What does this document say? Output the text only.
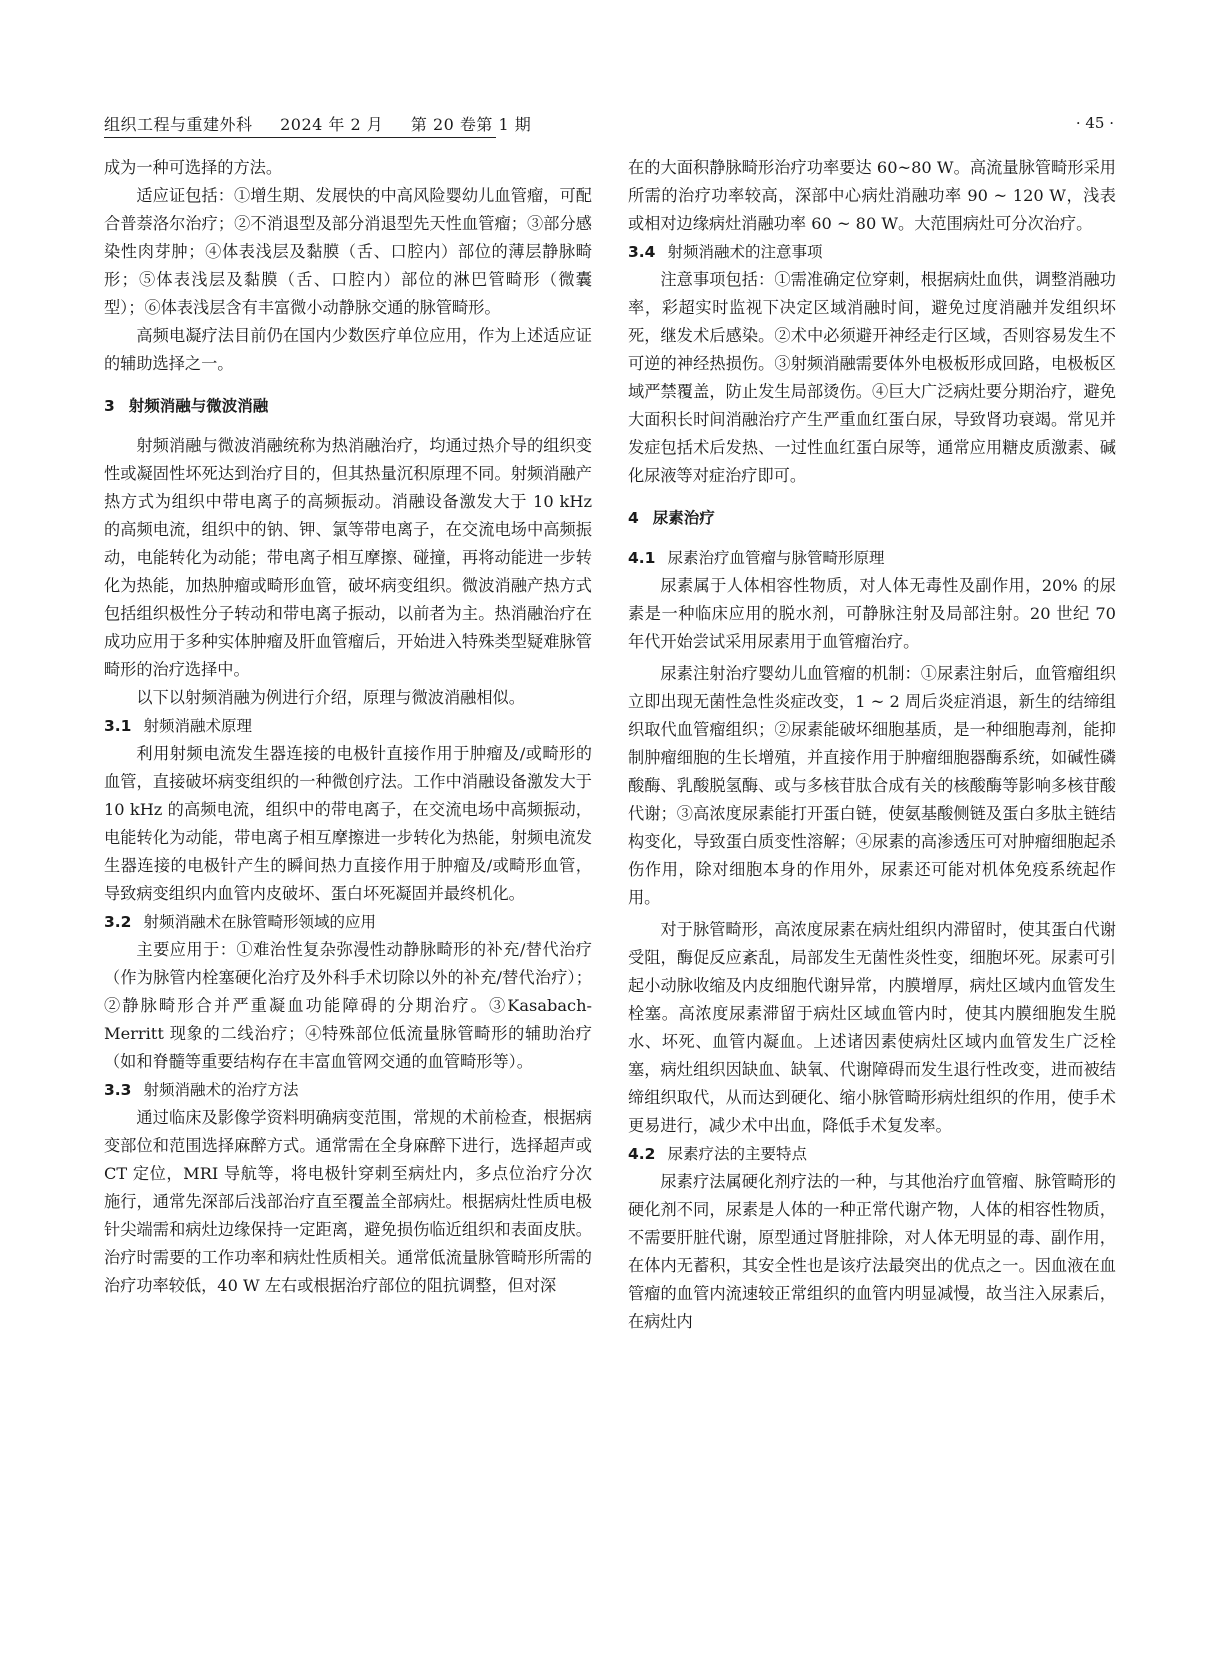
组织工程与重建外科 2024 年 2 月 第 20 卷第 1 期	· 45 ·

成为一种可选择的方法。

适应证包括：①增生期、发展快的中高风险婴幼儿血管瘤，可配合普萘洛尔治疗；②不消退型及部分消退型先天性血管瘤；③部分感染性肉芽肿；④体表浅层及黏膜（舌、口腔内）部位的薄层静脉畸形；⑤体表浅层及黏膜（舌、口腔内）部位的淋巴管畸形（微囊型）；⑥体表浅层含有丰富微小动静脉交通的脉管畸形。

高频电凝疗法目前仍在国内少数医疗单位应用，作为上述适应证的辅助选择之一。

3 射频消融与微波消融

射频消融与微波消融统称为热消融治疗，均通过热介导的组织变性或凝固性坏死达到治疗目的，但其热量沉积原理不同。射频消融产热方式为组织中带电离子的高频振动。消融设备激发大于 10 kHz 的高频电流，组织中的钠、钾、氯等带电离子，在交流电场中高频振动，电能转化为动能；带电离子相互摩擦、碰撞，再将动能进一步转化为热能，加热肿瘤或畸形血管，破坏病变组织。微波消融产热方式包括组织极性分子转动和带电离子振动，以前者为主。热消融治疗在成功应用于多种实体肿瘤及肝血管瘤后，开始进入特殊类型疑难脉管畸形的治疗选择中。

以下以射频消融为例进行介绍，原理与微波消融相似。

3.1 射频消融术原理

利用射频电流发生器连接的电极针直接作用于肿瘤及/或畸形的血管，直接破坏病变组织的一种微创疗法。工作中消融设备激发大于 10 kHz 的高频电流，组织中的带电离子，在交流电场中高频振动，电能转化为动能，带电离子相互摩擦进一步转化为热能，射频电流发生器连接的电极针产生的瞬间热力直接作用于肿瘤及/或畸形血管，导致病变组织内血管内皮破坏、蛋白坏死凝固并最终机化。

3.2 射频消融术在脉管畸形领域的应用

主要应用于：①难治性复杂弥漫性动静脉畸形的补充/替代治疗（作为脉管内栓塞硬化治疗及外科手术切除以外的补充/替代治疗）；②静脉畸形合并严重凝血功能障碍的分期治疗。③Kasabach-Merritt 现象的二线治疗；④特殊部位低流量脉管畸形的辅助治疗（如和脊髓等重要结构存在丰富血管网交通的血管畸形等）。

3.3 射频消融术的治疗方法

通过临床及影像学资料明确病变范围，常规的术前检查，根据病变部位和范围选择麻醉方式。通常需在全身麻醉下进行，选择超声或 CT 定位，MRI 导航等，将电极针穿刺至病灶内，多点位治疗分次施行，通常先深部后浅部治疗直至覆盖全部病灶。根据病灶性质电极针尖端需和病灶边缘保持一定距离，避免损伤临近组织和表面皮肤。治疗时需要的工作功率和病灶性质相关。通常低流量脉管畸形所需的治疗功率较低，40 W 左右或根据治疗部位的阻抗调整，但对深

在的大面积静脉畸形治疗功率要达 60~80 W。高流量脉管畸形采用所需的治疗功率较高，深部中心病灶消融功率 90 ~ 120 W，浅表或相对边缘病灶消融功率 60 ~ 80 W。大范围病灶可分次治疗。

3.4 射频消融术的注意事项

注意事项包括：①需准确定位穿刺，根据病灶血供，调整消融功率，彩超实时监视下决定区域消融时间，避免过度消融并发组织坏死，继发术后感染。②术中必须避开神经走行区域，否则容易发生不可逆的神经热损伤。③射频消融需要体外电极板形成回路，电极板区域严禁覆盖，防止发生局部烫伤。④巨大广泛病灶要分期治疗，避免大面积长时间消融治疗产生严重血红蛋白尿，导致肾功衰竭。常见并发症包括术后发热、一过性血红蛋白尿等，通常应用糖皮质激素、碱化尿液等对症治疗即可。

4 尿素治疗
4.1 尿素治疗血管瘤与脉管畸形原理

尿素属于人体相容性物质，对人体无毒性及副作用，20% 的尿素是一种临床应用的脱水剂，可静脉注射及局部注射。20 世纪 70 年代开始尝试采用尿素用于血管瘤治疗。

尿素注射治疗婴幼儿血管瘤的机制：①尿素注射后，血管瘤组织立即出现无菌性急性炎症改变，1 ~ 2 周后炎症消退，新生的结缔组织取代血管瘤组织；②尿素能破坏细胞基质，是一种细胞毒剂，能抑制肿瘤细胞的生长增殖，并直接作用于肿瘤细胞器酶系统，如碱性磷酸酶、乳酸脱氢酶、或与多核苷肽合成有关的核酸酶等影响多核苷酸代谢；③高浓度尿素能打开蛋白链，使氨基酸侧链及蛋白多肽主链结构变化，导致蛋白质变性溶解；④尿素的高渗透压可对肿瘤细胞起杀伤作用，除对细胞本身的作用外，尿素还可能对机体免疫系统起作用。

对于脉管畸形，高浓度尿素在病灶组织内滞留时，使其蛋白代谢受阻，酶促反应紊乱，局部发生无菌性炎性变，细胞坏死。尿素可引起小动脉收缩及内皮细胞代谢异常，内膜增厚，病灶区域内血管发生栓塞。高浓度尿素滞留于病灶区域血管内时，使其内膜细胞发生脱水、坏死、血管内凝血。上述诸因素使病灶区域内血管发生广泛栓塞，病灶组织因缺血、缺氧、代谢障碍而发生退行性改变，进而被结缔组织取代，从而达到硬化、缩小脉管畸形病灶组织的作用，使手术更易进行，减少术中出血，降低手术复发率。

4.2 尿素疗法的主要特点

尿素疗法属硬化剂疗法的一种，与其他治疗血管瘤、脉管畸形的硬化剂不同，尿素是人体的一种正常代谢产物，人体的相容性物质，不需要肝脏代谢，原型通过肾脏排除，对人体无明显的毒、副作用，在体内无蓄积，其安全性也是该疗法最突出的优点之一。因血液在血管瘤的血管内流速较正常组织的血管内明显减慢，故当注入尿素后，在病灶内
